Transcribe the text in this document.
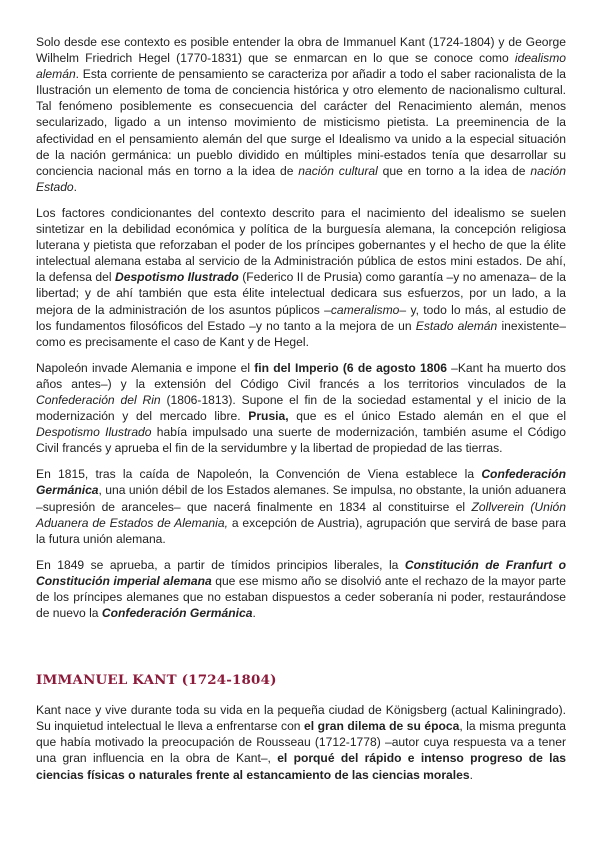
Solo desde ese contexto es posible entender la obra de Immanuel Kant (1724-1804) y de George Wilhelm Friedrich Hegel (1770-1831) que se enmarcan en lo que se conoce como idealismo alemán. Esta corriente de pensamiento se caracteriza por añadir a todo el saber racionalista de la Ilustración un elemento de toma de conciencia histórica y otro elemento de nacionalismo cultural. Tal fenómeno posiblemente es consecuencia del carácter del Renacimiento alemán, menos secularizado, ligado a un intenso movimiento de misticismo pietista. La preeminencia de la afectividad en el pensamiento alemán del que surge el Idealismo va unido a la especial situación de la nación germánica: un pueblo dividido en múltiples mini-estados tenía que desarrollar su conciencia nacional más en torno a la idea de nación cultural que en torno a la idea de nación Estado.

Los factores condicionantes del contexto descrito para el nacimiento del idealismo se suelen sintetizar en la debilidad económica y política de la burguesía alemana, la concepción religiosa luterana y pietista que reforzaban el poder de los príncipes gobernantes y el hecho de que la élite intelectual alemana estaba al servicio de la Administración pública de estos mini estados. De ahí, la defensa del Despotismo Ilustrado (Federico II de Prusia) como garantía –y no amenaza– de la libertad; y de ahí también que esta élite intelectual dedicara sus esfuerzos, por un lado, a la mejora de la administración de los asuntos púplicos –cameralismo– y, todo lo más, al estudio de los fundamentos filosóficos del Estado –y no tanto a la mejora de un Estado alemán inexistente– como es precisamente el caso de Kant y de Hegel.

Napoleón invade Alemania e impone el fin del Imperio (6 de agosto 1806 –Kant ha muerto dos años antes–) y la extensión del Código Civil francés a los territorios vinculados de la Confederación del Rin (1806-1813). Supone el fin de la sociedad estamental y el inicio de la modernización y del mercado libre. Prusia, que es el único Estado alemán en el que el Despotismo Ilustrado había impulsado una suerte de modernización, también asume el Código Civil francés y aprueba el fin de la servidumbre y la libertad de propiedad de las tierras.

En 1815, tras la caída de Napoleón, la Convención de Viena establece la Confederación Germánica, una unión débil de los Estados alemanes. Se impulsa, no obstante, la unión aduanera –supresión de aranceles– que nacerá finalmente en 1834 al constituirse el Zollverein (Unión Aduanera de Estados de Alemania, a excepción de Austria), agrupación que servirá de base para la futura unión alemana.

En 1849 se aprueba, a partir de tímidos principios liberales, la Constitución de Franfurt o Constitución imperial alemana que ese mismo año se disolvió ante el rechazo de la mayor parte de los príncipes alemanes que no estaban dispuestos a ceder soberanía ni poder, restaurándose de nuevo la Confederación Germánica.

IMMANUEL KANT (1724-1804)

Kant nace y vive durante toda su vida en la pequeña ciudad de Königsberg (actual Kaliningrado). Su inquietud intelectual le lleva a enfrentarse con el gran dilema de su época, la misma pregunta que había motivado la preocupación de Rousseau (1712-1778) –autor cuya respuesta va a tener una gran influencia en la obra de Kant–, el porqué del rápido e intenso progreso de las ciencias físicas o naturales frente al estancamiento de las ciencias morales.
